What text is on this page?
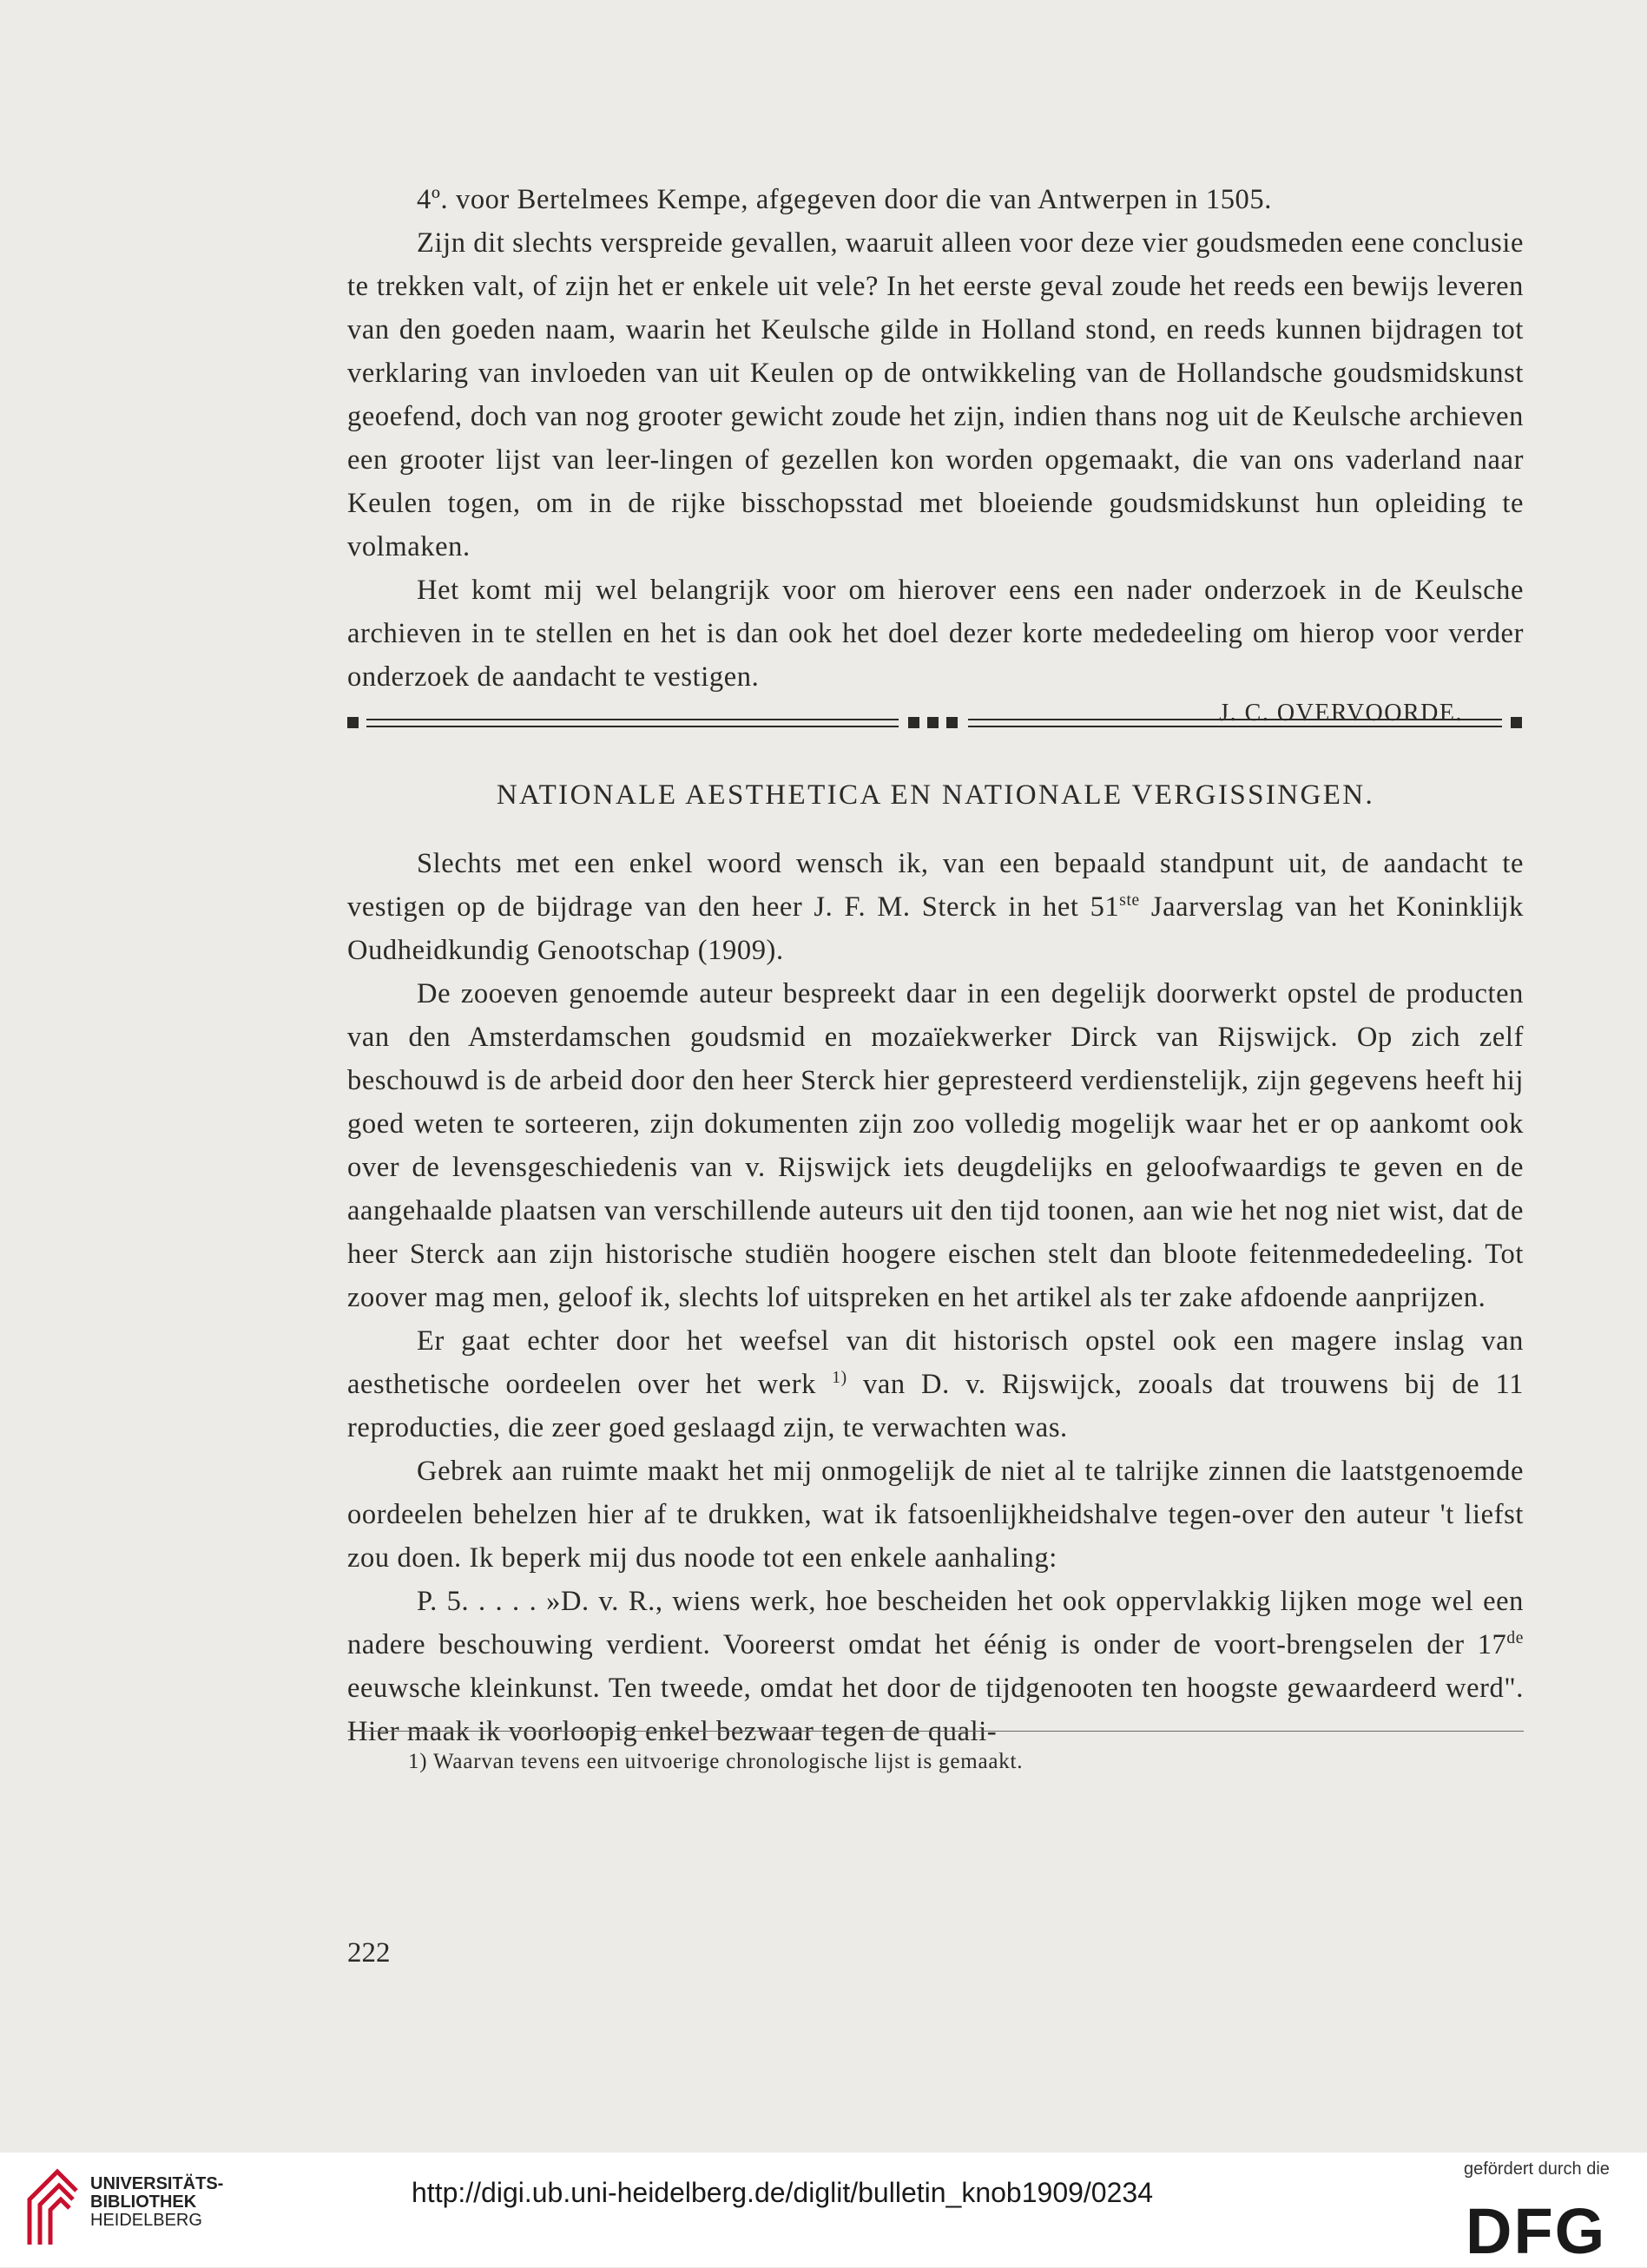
4º. voor Bertelmees Kempe, afgegeven door die van Antwerpen in 1505.

Zijn dit slechts verspreide gevallen, waaruit alleen voor deze vier goudsmeden eene conclusie te trekken valt, of zijn het er enkele uit vele? In het eerste geval zoude het reeds een bewijs leveren van den goeden naam, waarin het Keulsche gilde in Holland stond, en reeds kunnen bijdragen tot verklaring van invloeden van uit Keulen op de ontwikkeling van de Hollandsche goudsmidskunst geoefend, doch van nog grooter gewicht zoude het zijn, indien thans nog uit de Keulsche archieven een grooter lijst van leer-lingen of gezellen kon worden opgemaakt, die van ons vaderland naar Keulen togen, om in de rijke bisschopsstad met bloeiende goudsmidskunst hun opleiding te volmaken.

Het komt mij wel belangrijk voor om hierover eens een nader onderzoek in de Keulsche archieven in te stellen en het is dan ook het doel dezer korte mededeeling om hierop voor verder onderzoek de aandacht te vestigen.

J. C. OVERVOORDE.
NATIONALE AESTHETICA EN NATIONALE VERGISSINGEN.

Slechts met een enkel woord wensch ik, van een bepaald standpunt uit, de aandacht te vestigen op de bijdrage van den heer J. F. M. Sterck in het 51ste Jaarverslag van het Koninklijk Oudheidkundig Genootschap (1909).

De zooeven genoemde auteur bespreekt daar in een degelijk doorwerkt opstel de producten van den Amsterdamschen goudsmid en mozaïekwerker Dirck van Rijswijck. Op zich zelf beschouwd is de arbeid door den heer Sterck hier gepresteerd verdienstelijk, zijn gegevens heeft hij goed weten te sorteeren, zijn dokumenten zijn zoo volledig mogelijk waar het er op aankomt ook over de levensgeschiedenis van v. Rijswijck iets deugdelijks en geloofwaardigs te geven en de aangehaalde plaatsen van verschillende auteurs uit den tijd toonen, aan wie het nog niet wist, dat de heer Sterck aan zijn historische studiën hoogere eischen stelt dan bloote feitenmededeeling. Tot zoover mag men, geloof ik, slechts lof uitspreken en het artikel als ter zake afdoende aanprijzen.

Er gaat echter door het weefsel van dit historisch opstel ook een magere inslag van aesthetische oordeelen over het werk $^{1)}$ van D. v. Rijswijck, zooals dat trouwens bij de 11 reproducties, die zeer goed geslaagd zijn, te verwachten was.

Gebrek aan ruimte maakt het mij onmogelijk de niet al te talrijke zinnen die laatstgenoemde oordeelen behelzen hier af te drukken, wat ik fatsoenlijkheidshalve tegen-over den auteur 't liefst zou doen. Ik beperk mij dus noode tot een enkele aanhaling:

P. 5. . . . . »D. v. R., wiens werk, hoe bescheiden het ook oppervlakkig lijken moge wel een nadere beschouwing verdient. Vooreerst omdat het éénig is onder de voort-brengselen der 17de eeuwsche kleinkunst. Ten tweede, omdat het door de tijdgenooten ten hoogste gewaardeerd werd". Hier maak ik voorloopig enkel bezwaar tegen de quali-

1) Waarvan tevens een uitvoerige chronologische lijst is gemaakt.
222
UNIVERSITÄTS-
BIBLIOTHEK
HEIDELBERG
http://digi.ub.uni-heidelberg.de/diglit/bulletin_knob1909/0234
gefördert durch die
DFG
